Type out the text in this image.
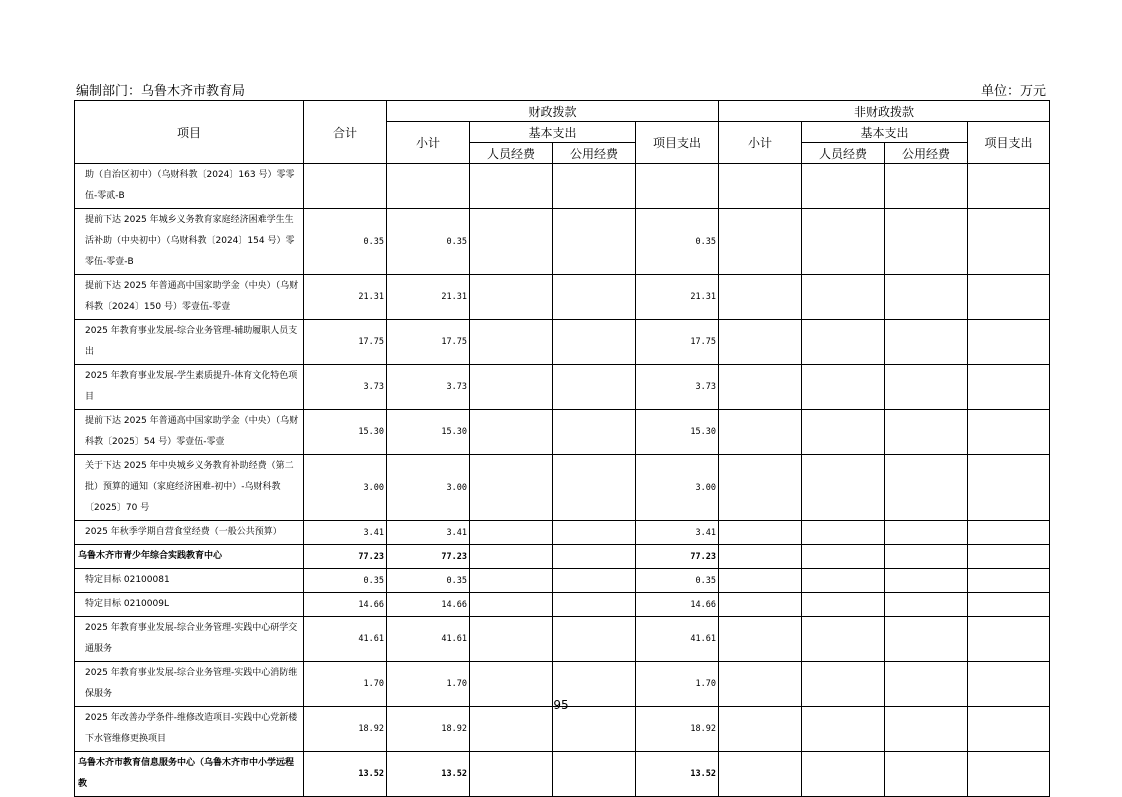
编制部门：乌鲁木齐市教育局	单位：万元
项目	合计	财政拨款				非财政拨款			
		小计	基本支出		项目支出	小计	基本支出		项目支出
			人员经费	公用经费			人员经费	公用经费	
助（自治区初中）（乌财科教〔2024〕163 号）零零伍-零贰-B									
提前下达 2025 年城乡义务教育家庭经济困难学生生活补助（中央初中）（乌财科教〔2024〕154 号）零零伍-零壹-B	0.35	0.35			0.35				
提前下达 2025 年普通高中国家助学金（中央）（乌财科教〔2024〕150 号）零壹伍-零壹	21.31	21.31			21.31				
2025 年教育事业发展-综合业务管理-辅助履职人员支出	17.75	17.75			17.75				
2025 年教育事业发展-学生素质提升-体育文化特色项目	3.73	3.73			3.73				
提前下达 2025 年普通高中国家助学金（中央）（乌财科教〔2025〕54 号）零壹伍-零壹	15.30	15.30			15.30				
关于下达 2025 年中央城乡义务教育补助经费（第二批）预算的通知（家庭经济困难-初中）-乌财科教〔2025〕70 号	3.00	3.00			3.00				
2025 年秋季学期自营食堂经费（一般公共预算）	3.41	3.41			3.41				
乌鲁木齐市青少年综合实践教育中心	77.23	77.23			77.23				
特定目标 02100081	0.35	0.35			0.35				
特定目标 0210009L	14.66	14.66			14.66				
2025 年教育事业发展-综合业务管理-实践中心研学交通服务	41.61	41.61			41.61				
2025 年教育事业发展-综合业务管理-实践中心消防维保服务	1.70	1.70			1.70				
2025 年改善办学条件-维修改造项目-实践中心党新楼下水管维修更换项目	18.92	18.92			18.92				
乌鲁木齐市教育信息服务中心（乌鲁木齐市中小学远程教	13.52	13.52			13.52				
95
